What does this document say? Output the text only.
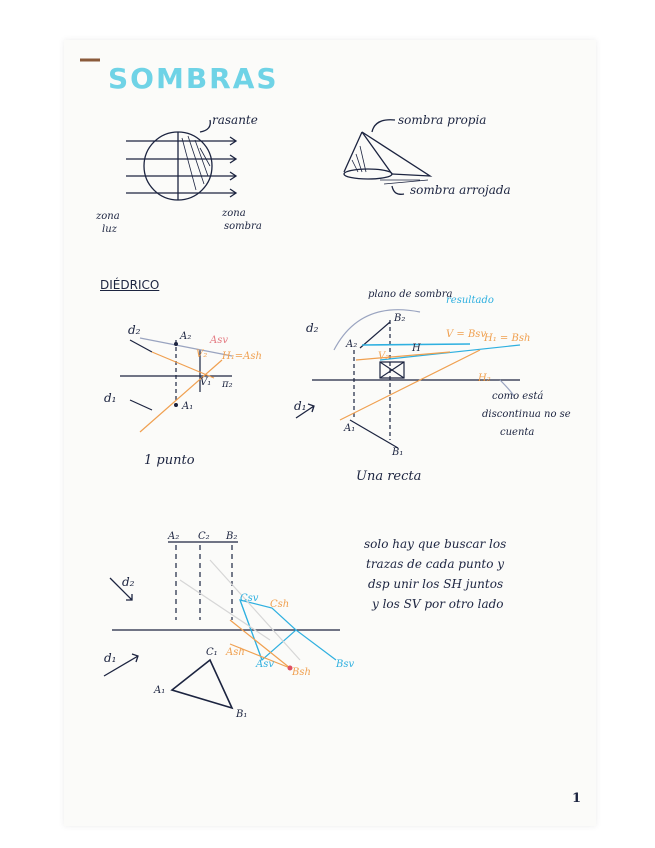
SOMBRAS
rasante
zona
luz
zona
sombra
sombra propia
sombra arrojada
DIÉDRICO
d₂	A₂ Asv
V₂ H₁=Ash
V₁ π₂
d₁
A₁
1 punto
plano de sombra
resultado
d₂
B₂
A₂
V₂
H
V = Bsv
H₁ = Bsh
H₂
d₁
A₁
B₁
Una recta
como está
discontinua no se
cuenta
A₂ C₂ B₂
d₂
Csv
Csh
C₁ Ash
Asv
Bsh
Bsv
d₁
A₁
B₁
solo hay que buscar los
trazas de cada punto y
dsp unir los SH juntos
y los SV por otro lado
1
